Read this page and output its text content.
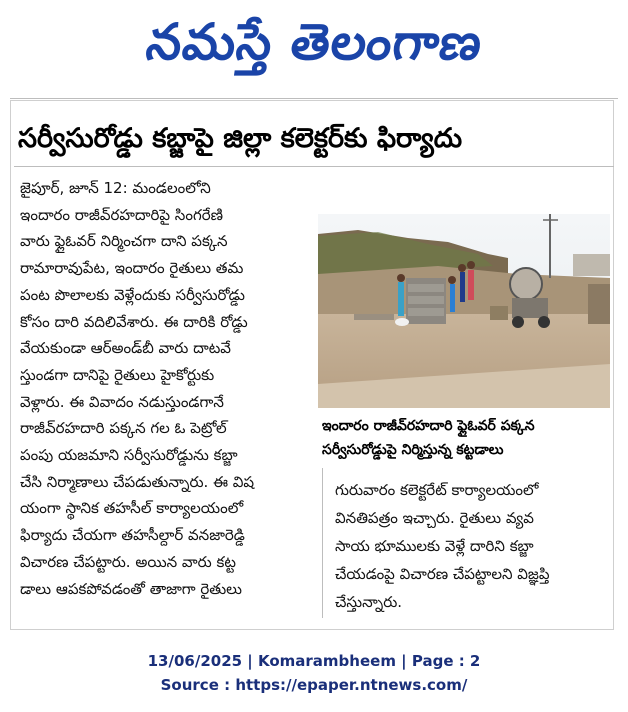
నమస్తే తెలంగాణ
సర్వీసురోడ్డు కబ్జాపై జిల్లా కలెక్టర్‌కు ఫిర్యాదు
జైపూర్, జూన్ 12: మండలంలోని
ఇందారం రాజీవ్‌రహదారిపై సింగరేణి
వారు ఫ్లైఓవర్ నిర్మించగా దాని పక్కన
రామారావుపేట, ఇందారం రైతులు తమ
పంట పొలాలకు వెళ్లేందుకు సర్వీసురోడ్డు
కోసం దారి వదిలివేశారు. ఈ దారికి రోడ్డు
వేయకుండా ఆర్‌అండ్‌బీ వారు దాటవే
స్తుండగా దానిపై రైతులు హైకోర్టుకు
వెళ్లారు. ఈ వివాదం నడుస్తుండగానే
రాజీవ్‌రహదారి పక్కన గల ఓ పెట్రోల్
పంపు యజమాని సర్వీసురోడ్డును కబ్జా
చేసి నిర్మాణాలు చేపడుతున్నారు. ఈ విష
యంగా స్థానిక తహసీల్ కార్యాలయంలో
ఫిర్యాదు చేయగా తహసీల్దార్ వనజారెడ్డి
విచారణ చేపట్టారు. అయిన వారు కట్ట
డాలు ఆపకపోవడంతో తాజాగా రైతులు
ఇందారం రాజీవ్‌రహదారి ఫ్లైఓవర్ పక్కన
సర్వీసురోడ్డుపై నిర్మిస్తున్న కట్టడాలు
గురువారం కలెక్టరేట్ కార్యాలయంలో
వినతిపత్రం ఇచ్చారు. రైతులు వ్యవ
సాయ భూములకు వెళ్లే దారిని కబ్జా
చేయడంపై విచారణ చేపట్టాలని విజ్ఞప్తి
చేస్తున్నారు.
13/06/2025 | Komarambheem | Page : 2
Source : https://epaper.ntnews.com/
